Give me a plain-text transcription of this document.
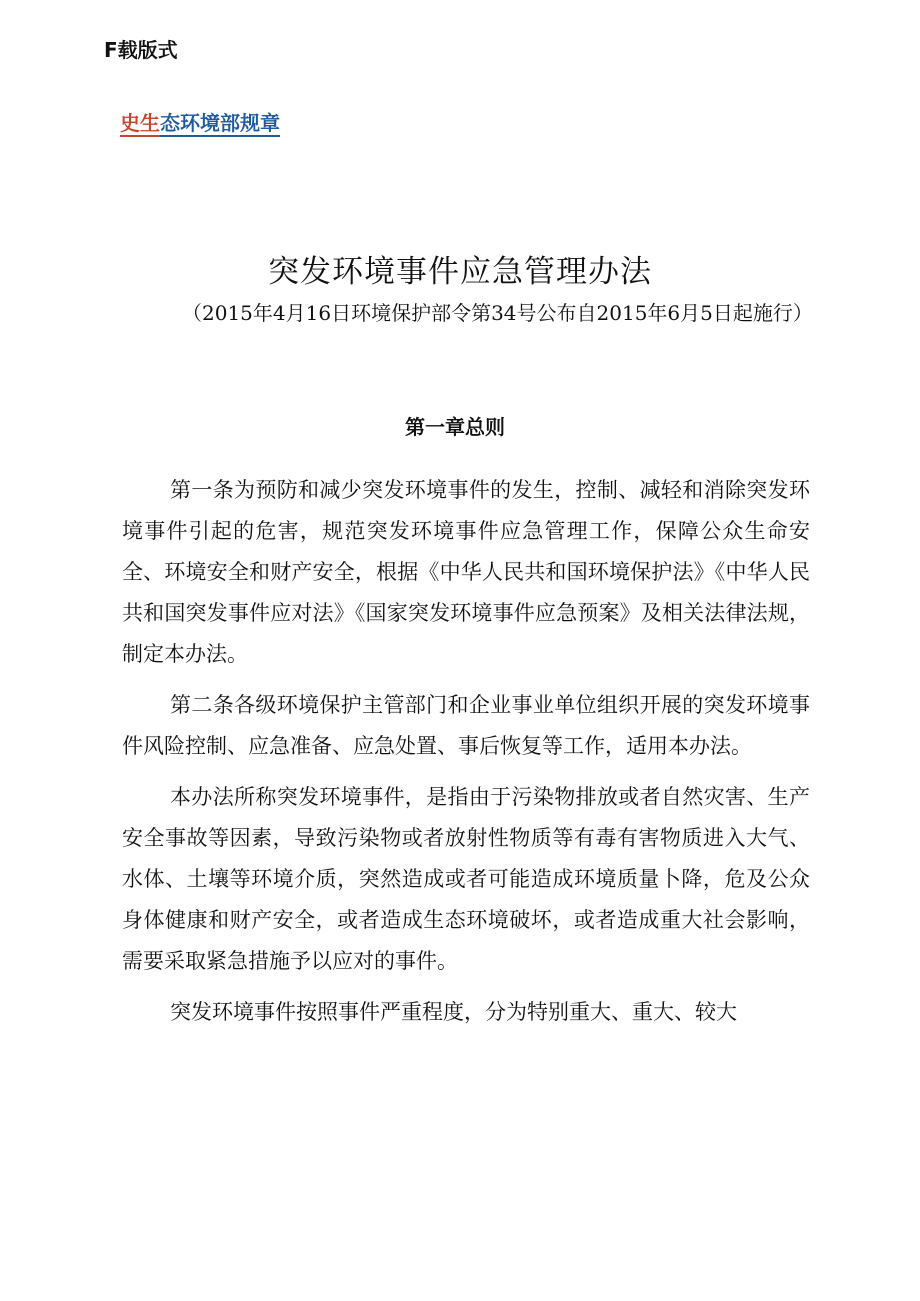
F载版式
史生态环境部规章
突发环境事件应急管理办法
（2015年4月16日环境保护部令第34号公布自2015年6月5日起施行）
第一章总则

第一条为预防和减少突发环境事件的发生，控制、减轻和消除突发环境事件引起的危害，规范突发环境事件应急管理工作，保障公众生命安全、环境安全和财产安全，根据《中华人民共和国环境保护法》《中华人民共和国突发事件应对法》《国家突发环境事件应急预案》及相关法律法规，制定本办法。

第二条各级环境保护主管部门和企业事业单位组织开展的突发环境事件风险控制、应急准备、应急处置、事后恢复等工作，适用本办法。

本办法所称突发环境事件，是指由于污染物排放或者自然灾害、生产安全事故等因素，导致污染物或者放射性物质等有毒有害物质进入大气、水体、土壤等环境介质，突然造成或者可能造成环境质量卜降，危及公众身体健康和财产安全，或者造成生态环境破坏，或者造成重大社会影响，需要采取紧急措施予以应对的事件。

突发环境事件按照事件严重程度，分为特别重大、重大、较大
